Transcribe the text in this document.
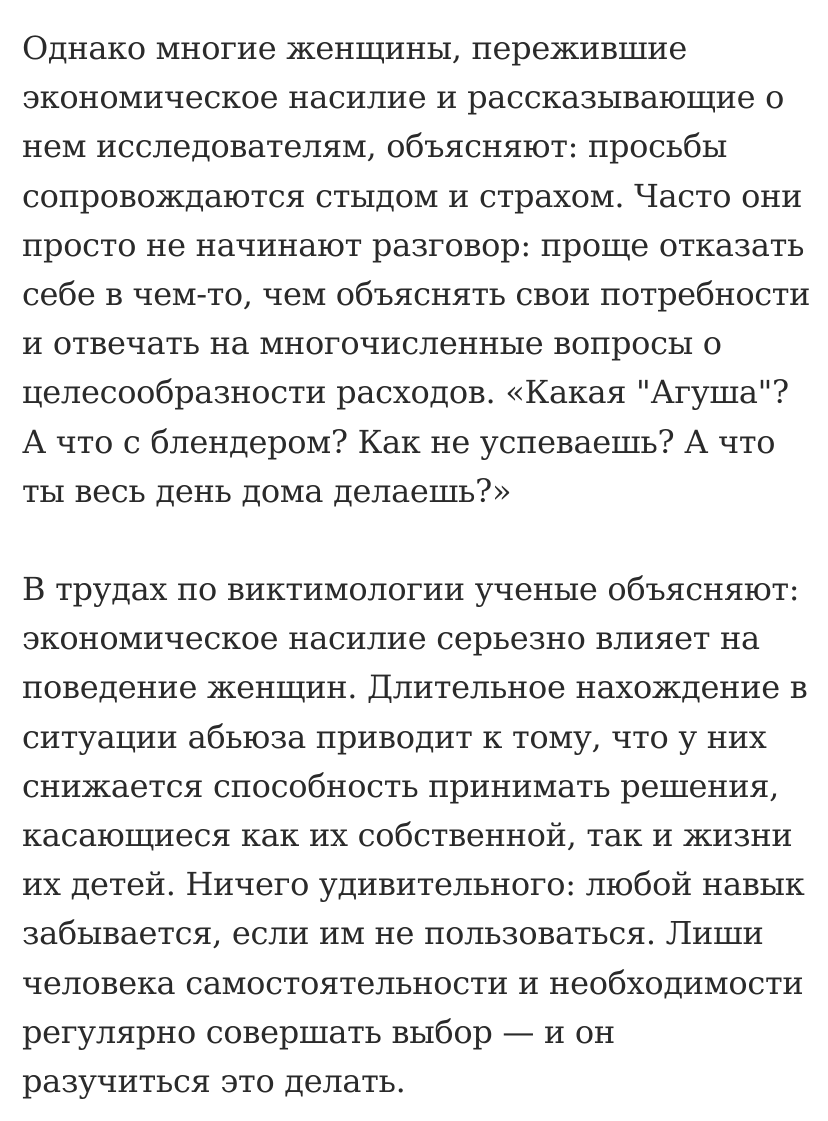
Однако многие женщины, пережившие
экономическое насилие и рассказывающие о
нем исследователям, объясняют: просьбы
сопровождаются стыдом и страхом. Часто они
просто не начинают разговор: проще отказать
себе в чем-то, чем объяснять свои потребности
и отвечать на многочисленные вопросы о
целесообразности расходов. «Какая "Агуша"?
А что с блендером? Как не успеваешь? А что
ты весь день дома делаешь?»

В трудах по виктимологии ученые объясняют:
экономическое насилие серьезно влияет на
поведение женщин. Длительное нахождение в
ситуации абьюза приводит к тому, что у них
снижается способность принимать решения,
касающиеся как их собственной, так и жизни
их детей. Ничего удивительного: любой навык
забывается, если им не пользоваться. Лиши
человека самостоятельности и необходимости
регулярно совершать выбор — и он
разучиться это делать.
